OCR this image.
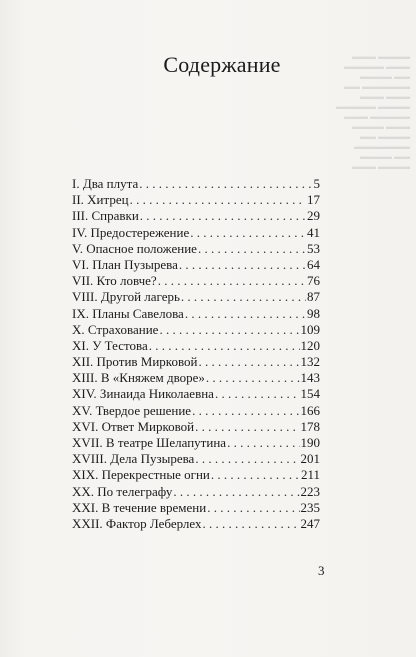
▬▬▬▬ ▬▬▬
▬▬▬ ▬▬▬▬▬
▬▬ ▬▬▬▬
▬▬▬▬▬▬ ▬▬
▬▬▬ ▬▬▬
▬▬▬▬ ▬▬▬▬▬
▬▬▬▬▬ ▬▬▬
▬▬▬ ▬▬▬▬
▬▬▬▬ ▬▬
▬▬▬▬▬▬▬
▬▬ ▬▬▬▬
▬▬▬▬ ▬▬▬
Содержание
I. Два плута . . .	5
II. Хитрец . . .	17
III. Справки . . .	29
IV. Предостережение . . .	41
V. Опасное положение . . .	53
VI. План Пузырева . . .	64
VII. Кто ловче? . . .	76
VIII. Другой лагерь . . .	87
IX. Планы Савелова . . .	98
X. Страхование . . .	109
XI. У Тестова . . .	120
XII. Против Мирковой . . .	132
XIII. В «Княжем дворе» . . .	143
XIV. Зинаида Николаевна . . .	154
XV. Твердое решение . . .	166
XVI. Ответ Мирковой . . .	178
XVII. В театре Шелапутина . . .	190
XVIII. Дела Пузырева . . .	201
XIX. Перекрестные огни . . .	211
XX. По телеграфу . . .	223
XXI. В течение времени . . .	235
XXII. Фактор Леберлех . . .	247
3
